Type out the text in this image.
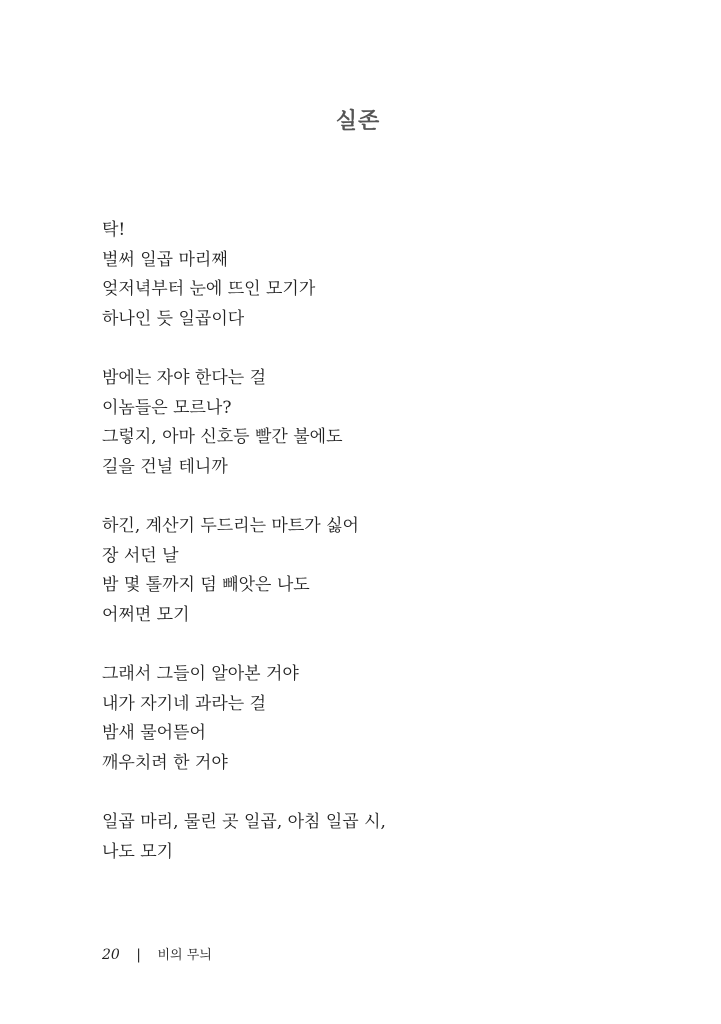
실존
탁!
벌써 일곱 마리째
엊저녁부터 눈에 뜨인 모기가
하나인 듯 일곱이다
밤에는 자야 한다는 걸
이놈들은 모르나?
그렇지, 아마 신호등 빨간 불에도
길을 건널 테니까
하긴, 계산기 두드리는 마트가 싫어
장 서던 날
밤 몇 톨까지 덤 빼앗은 나도
어쩌면 모기
그래서 그들이 알아본 거야
내가 자기네 과라는 걸
밤새 물어뜯어
깨우치려 한 거야
일곱 마리, 물린 곳 일곱, 아침 일곱 시,
나도 모기
20 | 비의 무늬
